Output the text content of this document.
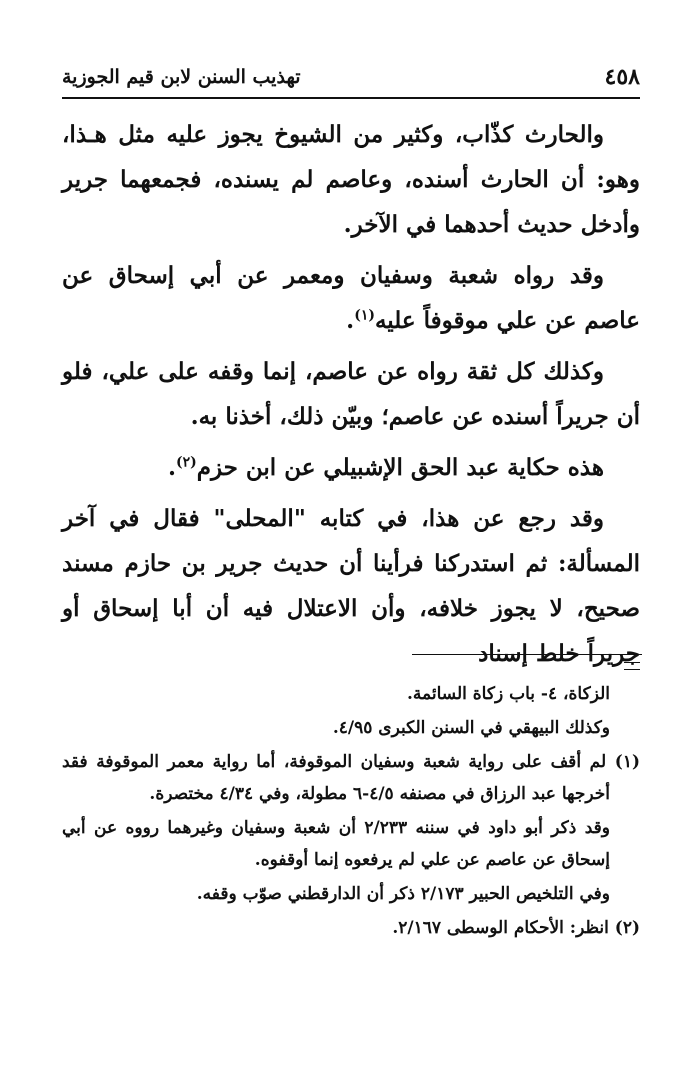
تهذيب السنن لابن قيم الجوزية	٤٥٨

والحارث كذّاب، وكثير من الشيوخ يجوز عليه مثل هـذا، وهو: أن الحارث أسنده، وعاصم لم يسنده، فجمعهما جرير وأدخل حديث أحدهما في الآخر.

وقد رواه شعبة وسفيان ومعمر عن أبي إسحاق عن عاصم عن علي موقوفاً عليه$^{(١)}$.

وكذلك كل ثقة رواه عن عاصم، إنما وقفه على علي، فلو أن جريراً أسنده عن عاصم؛ وبيّن ذلك، أخذنا به.

هذه حكاية عبد الحق الإشبيلي عن ابن حزم$^{(٢)}$.

وقد رجع عن هذا، في كتابه "المحلى" فقال في آخر المسألة: ثم استدركنا فرأينا أن حديث جرير بن حازم مسند صحيح، لا يجوز خلافه، وأن الاعتلال فيه أن أبا إسحاق أو جريراً خلط إسناد

الزكاة، ٤- باب زكاة السائمة.

وكذلك البيهقي في السنن الكبرى ٤/٩٥.

(١) لم أقف على رواية شعبة وسفيان الموقوفة، أما رواية معمر الموقوفة فقد أخرجها عبد الرزاق في مصنفه ٤/٥-٦ مطولة، وفي ٤/٣٤ مختصرة.

وقد ذكر أبو داود في سننه ٢/٢٣٣ أن شعبة وسفيان وغيرهما رووه عن أبي إسحاق عن عاصم عن علي لم يرفعوه إنما أوقفوه.

وفي التلخيص الحبير ٢/١٧٣ ذكر أن الدارقطني صوّب وقفه.

(٢) انظر: الأحكام الوسطى ٢/١٦٧.
